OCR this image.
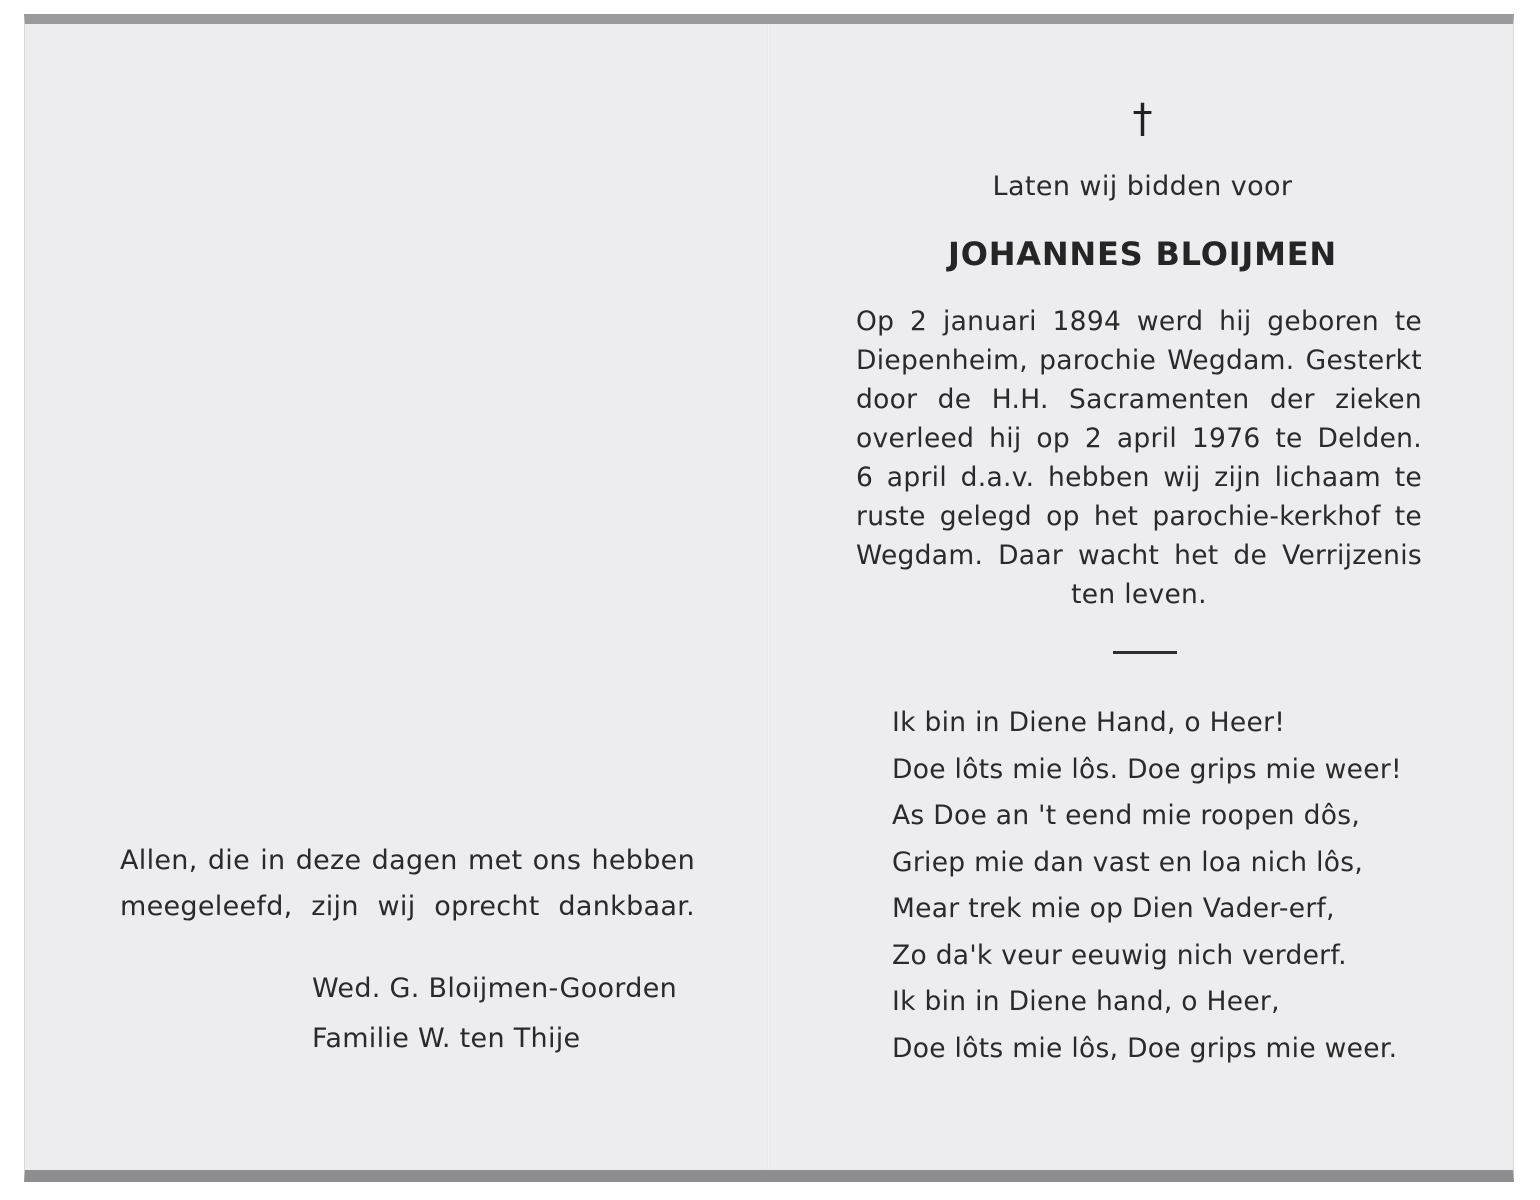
Allen, die in deze dagen met ons hebben
meegeleefd, zijn wij oprecht dankbaar.
Wed. G. Bloijmen-Goorden
Familie W. ten Thije
†
Laten wij bidden voor
JOHANNES BLOIJMEN
Op 2 januari 1894 werd hij geboren te
Diepenheim, parochie Wegdam. Gesterkt
door de H.H. Sacramenten der zieken
overleed hij op 2 april 1976 te Delden.
6 april d.a.v. hebben wij zijn lichaam te
ruste gelegd op het parochie-kerkhof te
Wegdam. Daar wacht het de Verrijzenis
ten leven.
Ik bin in Diene Hand, o Heer!
Doe lôts mie lôs. Doe grips mie weer!
As Doe an 't eend mie roopen dôs,
Griep mie dan vast en loa nich lôs,
Mear trek mie op Dien Vader-erf,
Zo da'k veur eeuwig nich verderf.
Ik bin in Diene hand, o Heer,
Doe lôts mie lôs, Doe grips mie weer.
